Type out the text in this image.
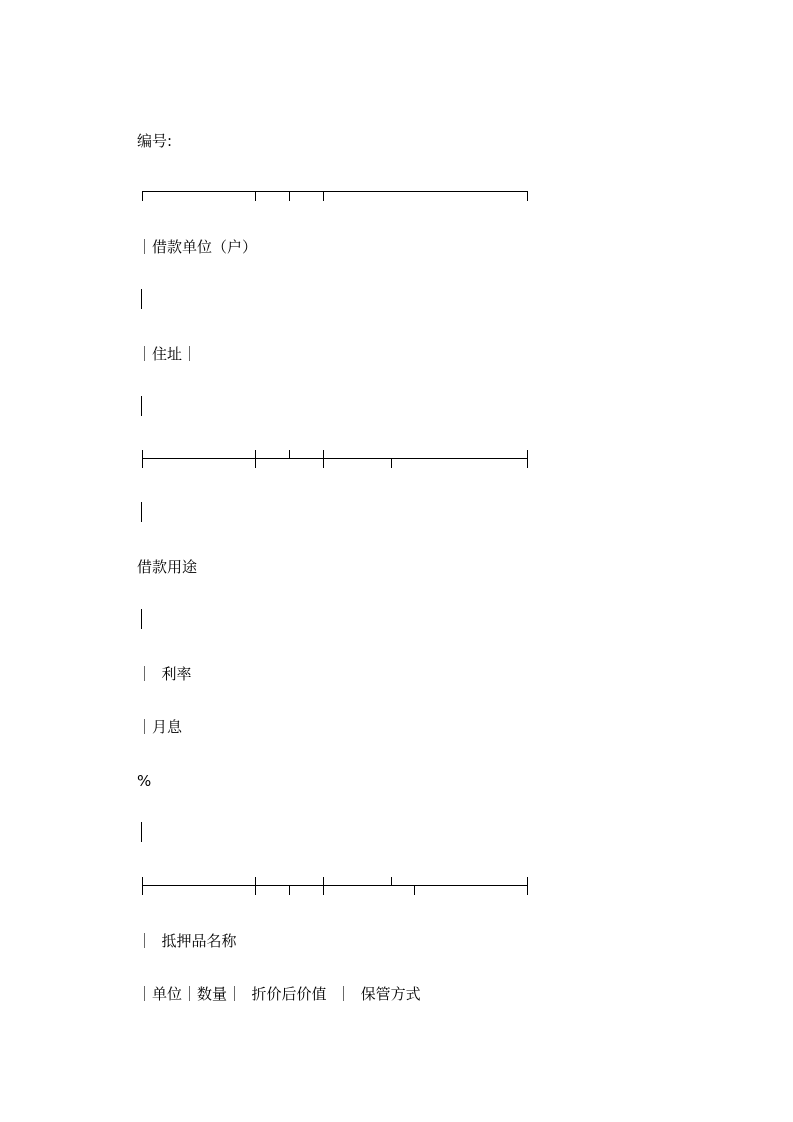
编号:
｜借款单位（户）
｜住址｜
借款用途
｜  利率
｜月息
%
｜  抵押品名称
｜单位｜数量｜  折价后价值  ｜  保管方式
